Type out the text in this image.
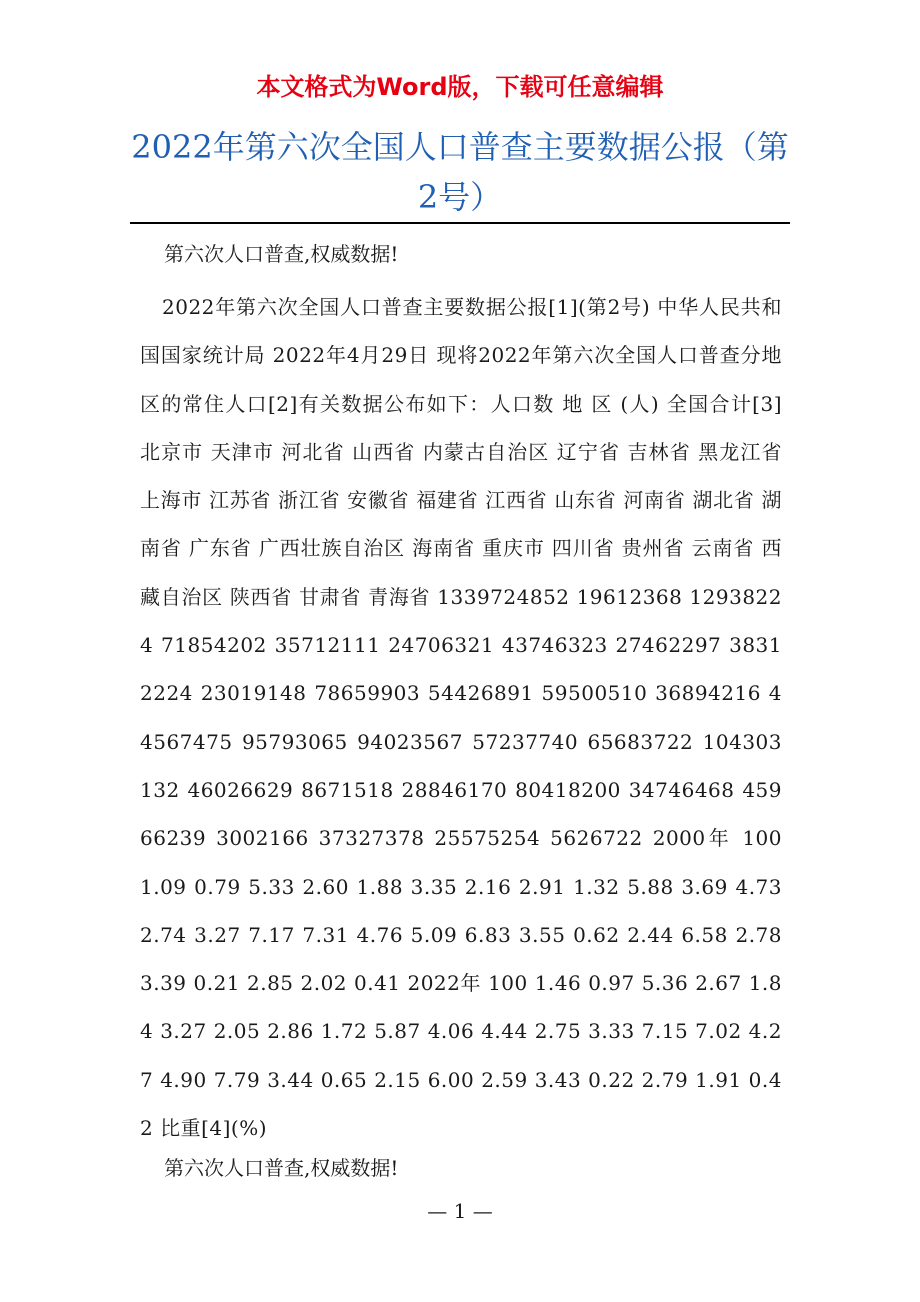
本文格式为Word版，下载可任意编辑
2022年第六次全国人口普查主要数据公报（第2号）
第六次人口普查,权威数据!
2022年第六次全国人口普查主要数据公报[1](第2号) 中华人民共和国国家统计局 2022年4月29日 现将2022年第六次全国人口普查分地区的常住人口[2]有关数据公布如下：人口数 地 区 (人) 全国合计[3] 北京市 天津市 河北省 山西省 内蒙古自治区 辽宁省 吉林省 黑龙江省 上海市 江苏省 浙江省 安徽省 福建省 江西省 山东省 河南省 湖北省 湖南省 广东省 广西壮族自治区 海南省 重庆市 四川省 贵州省 云南省 西藏自治区 陕西省 甘肃省 青海省 1339724852 19612368 12938224 71854202 35712111 24706321 43746323 27462297 38312224 23019148 78659903 54426891 59500510 36894216 44567475 95793065 94023567 57237740 65683722 104303132 46026629 8671518 28846170 80418200 34746468 45966239 3002166 37327378 25575254 5626722 2000年 100 1.09 0.79 5.33 2.60 1.88 3.35 2.16 2.91 1.32 5.88 3.69 4.73 2.74 3.27 7.17 7.31 4.76 5.09 6.83 3.55 0.62 2.44 6.58 2.78 3.39 0.21 2.85 2.02 0.41 2022年 100 1.46 0.97 5.36 2.67 1.84 3.27 2.05 2.86 1.72 5.87 4.06 4.44 2.75 3.33 7.15 7.02 4.27 4.90 7.79 3.44 0.65 2.15 6.00 2.59 3.43 0.22 2.79 1.91 0.42 比重[4](%)
第六次人口普查,权威数据!
— 1 —
